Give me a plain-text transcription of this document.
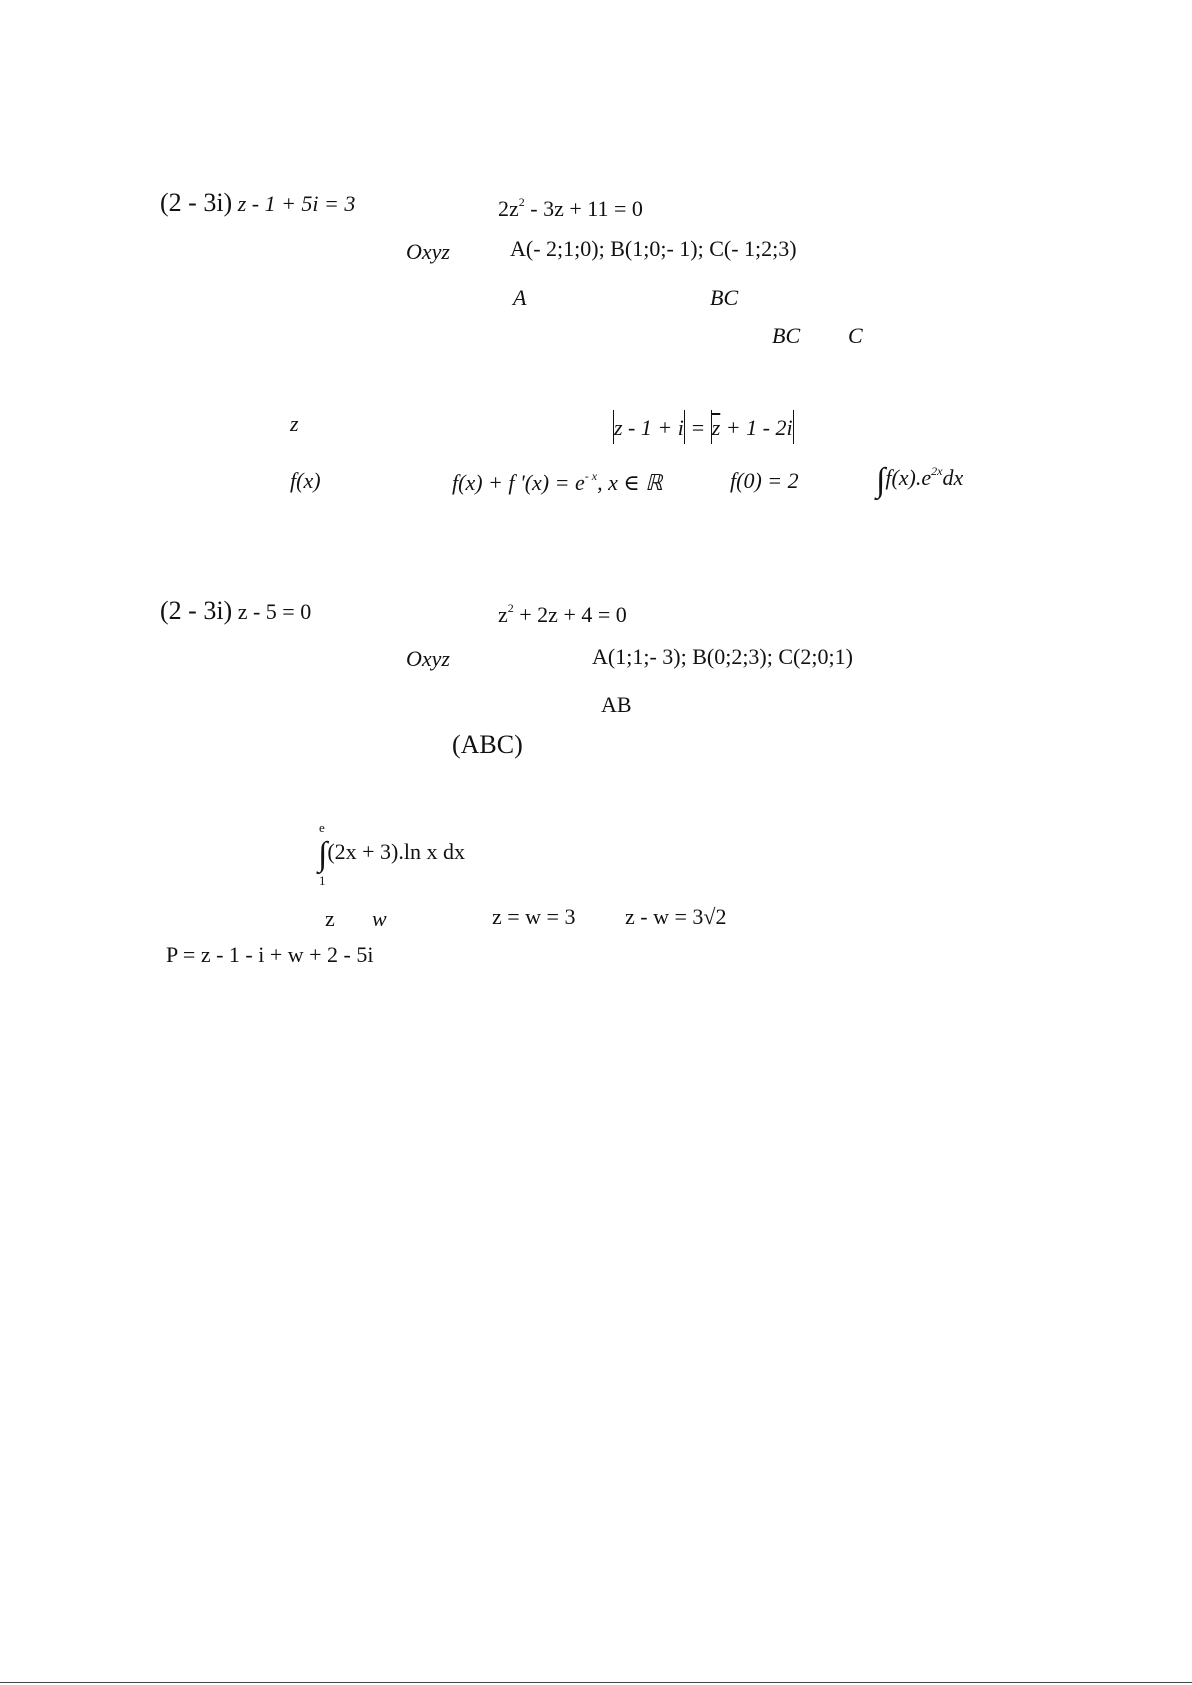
(2 - 3i) z - 1 + 5i = 3	$2z^2 - 3z + 11 = 0$
Oxyz	A(- 2;1;0); B(1;0;- 1); C(- 1;2;3)
A	BC
BC C
z	$z - 1 + i = \overline{z} + 1 - 2i$
f(x)	f(x) + f '$(x) = e^{- x}$, x ∈ ℝ	f(0) = 2 $\int f(x).e^{2x}dx$
(2 - 3i) z - 5 = 0	$z^2 + 2z + 4 = 0$
Oxyz	A(1;1;- 3); B(0;2;3); C(2;0;1)
AB
(ABC)
e
∫(2x + 3).ln x dx
1
z w	z = w = 3 z - w = 3√2
P = z - 1 - i + w + 2 - 5i
